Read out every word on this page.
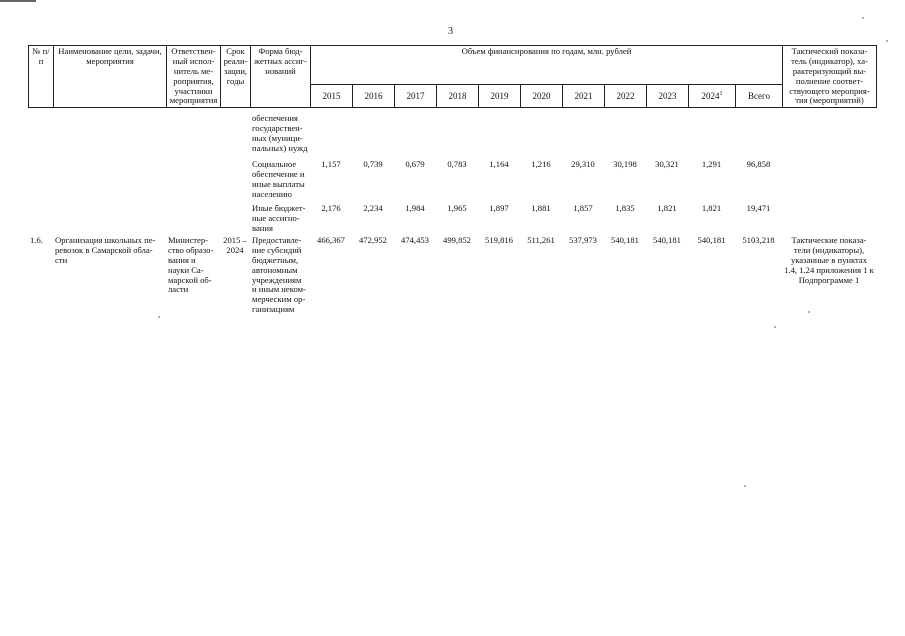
3
№ п/п	Наименование цели, задачи, мероприятия	Ответствен-ный испол-нитель ме-роприятия, участники мероприятия	Срок реали-зации, годы	Форма бюд-жетных ассиг-нований	Объем финансирования по годам, млн. рублей											Тактический показа-тель (индикатор), ха-рактеризующий вы-полнение соответ-ствующего мероприя-тия (мероприятий)
					2015	2016	2017	2018	2019	2020	2021	2022	2023	2024$^1$	Всего	
				обеспечения государствен-ных (муници-пальных) нужд												
				Социальное обеспечение и иные выплаты населению	1,157	0,739	0,679	0,783	1,164	1,216	29,310	30,198	30,321	1,291	96,858	
				Иные бюджет-ные ассигно-вания	2,176	2,234	1,984	1,965	1,897	1,881	1,857	1,835	1,821	1,821	19,471	
1.6.	Организация школьных пе-ревозок в Самарской обла-сти	Министер-ство образо-вания и науки Са-марской об-ласти	2015 – 2024	Предоставле-ние субсидий бюджетным, автономным учреждениям и иным неком-мерческим ор-ганизациям	466,367	472,952	474,453	499,852	519,816	511,261	537,973	540,181	540,181	540,181	5103,218	Тактические показа-тели (индикаторы), указанные в пунктах 1.4, 1.24 приложения 1 к Подпрограмме 1
